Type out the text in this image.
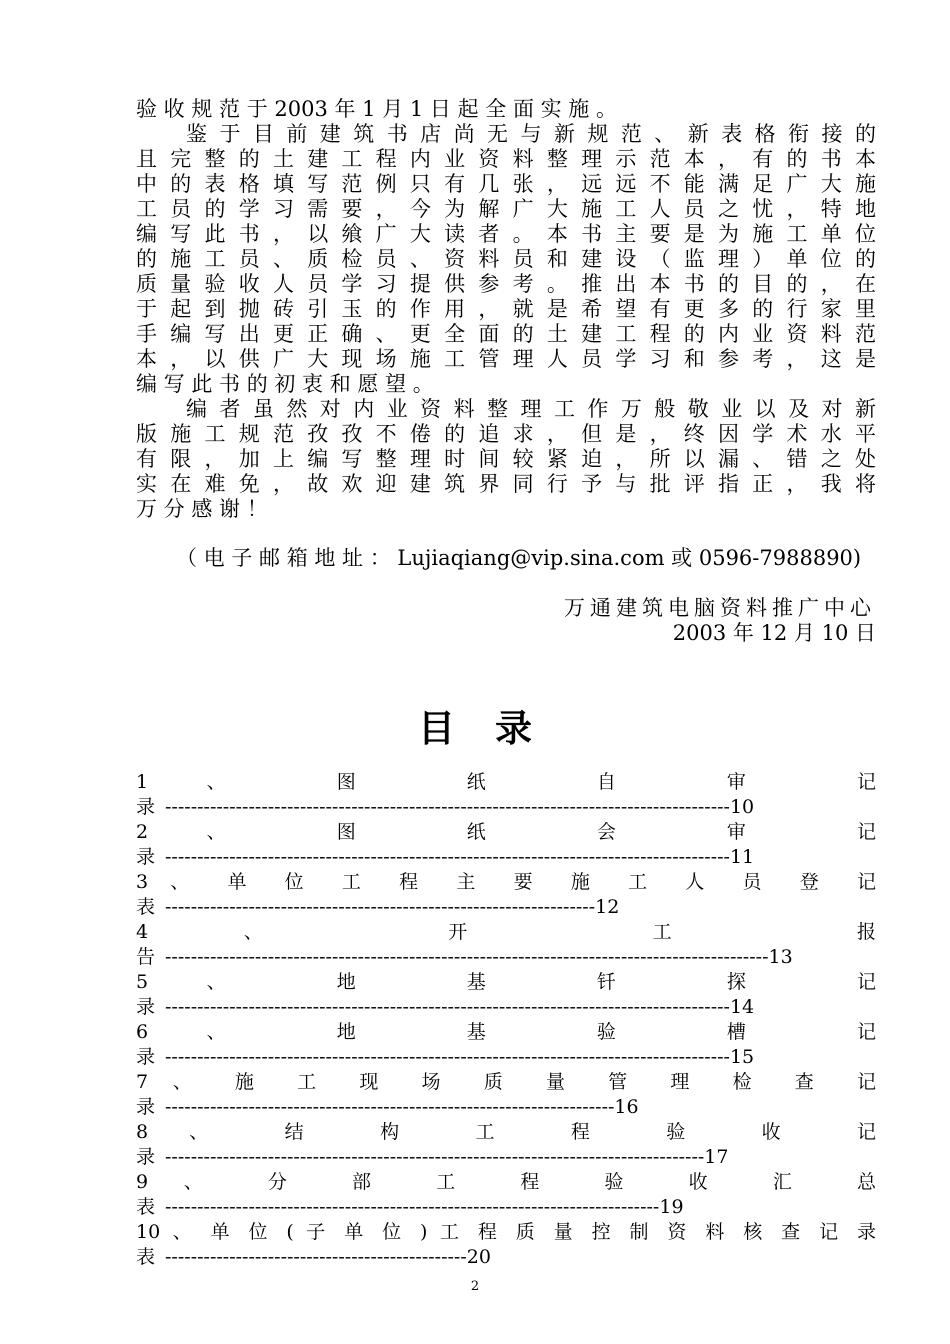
验 收 规 范 于 2003 年 1 月 1 日 起 全 面 实 施 。
鉴 于 目 前 建 筑 书 店 尚 无 与 新 规 范 、 新 表 格 衔 接 的
且 完 整 的 土 建 工 程 内 业 资 料 整 理 示 范 本 ， 有 的 书 本
中 的 表 格 填 写 范 例 只 有 几 张 ， 远 远 不 能 满 足 广 大 施
工 员 的 学 习 需 要 ， 今 为 解 广 大 施 工 人 员 之 忧 ， 特 地
编 写 此 书 ， 以 飨 广 大 读 者 。 本 书 主 要 是 为 施 工 单 位
的 施 工 员 、 质 检 员 、 资 料 员 和 建 设 （ 监 理 ） 单 位 的
质 量 验 收 人 员 学 习 提 供 参 考 。 推 出 本 书 的 目 的 ， 在
于 起 到 抛 砖 引 玉 的 作 用 ， 就 是 希 望 有 更 多 的 行 家 里
手 编 写 出 更 正 确 、 更 全 面 的 土 建 工 程 的 内 业 资 料 范
本 ， 以 供 广 大 现 场 施 工 管 理 人 员 学 习 和 参 考 ， 这 是
编 写 此 书 的 初 衷 和 愿 望 。
编 者 虽 然 对 内 业 资 料 整 理 工 作 万 般 敬 业 以 及 对 新
版 施 工 规 范 孜 孜 不 倦 的 追 求 ， 但 是 ， 终 因 学 术 水 平
有 限 ， 加 上 编 写 整 理 时 间 较 紧 迫 ， 所 以 漏 、 错 之 处
实 在 难 免 ， 故 欢 迎 建 筑 界 同 行 予 与 批 评 指 正 ， 我 将
万 分 感 谢 ！
（ 电 子 邮 箱 地 址 ： Lujiaqiang@vip.sina.com 或 0596-7988890)
万通建筑电脑资料推广中心
2003 年 12 月 10 日
目录
1 、 图 纸 自 审 记
录 ----------------------------------------------------------------------------------------10
2 、 图 纸 会 审 记
录 ----------------------------------------------------------------------------------------11
3 、 单 位 工 程 主 要 施 工 人 员 登 记
表 -------------------------------------------------------------------12
4 、 开 工 报
告 ----------------------------------------------------------------------------------------------13
5 、 地 基 钎 探 记
录 ----------------------------------------------------------------------------------------14
6 、 地 基 验 槽 记
录 ----------------------------------------------------------------------------------------15
7 、 施 工 现 场 质 量 管 理 检 查 记
录 ----------------------------------------------------------------------16
8 、 结 构 工 程 验 收 记
录 ------------------------------------------------------------------------------------17
9 、 分 部 工 程 验 收 汇 总
表 -----------------------------------------------------------------------------19
10 、 单 位 ( 子 单 位 ) 工 程 质 量 控 制 资 料 核 查 记 录
表 -----------------------------------------------20
2
